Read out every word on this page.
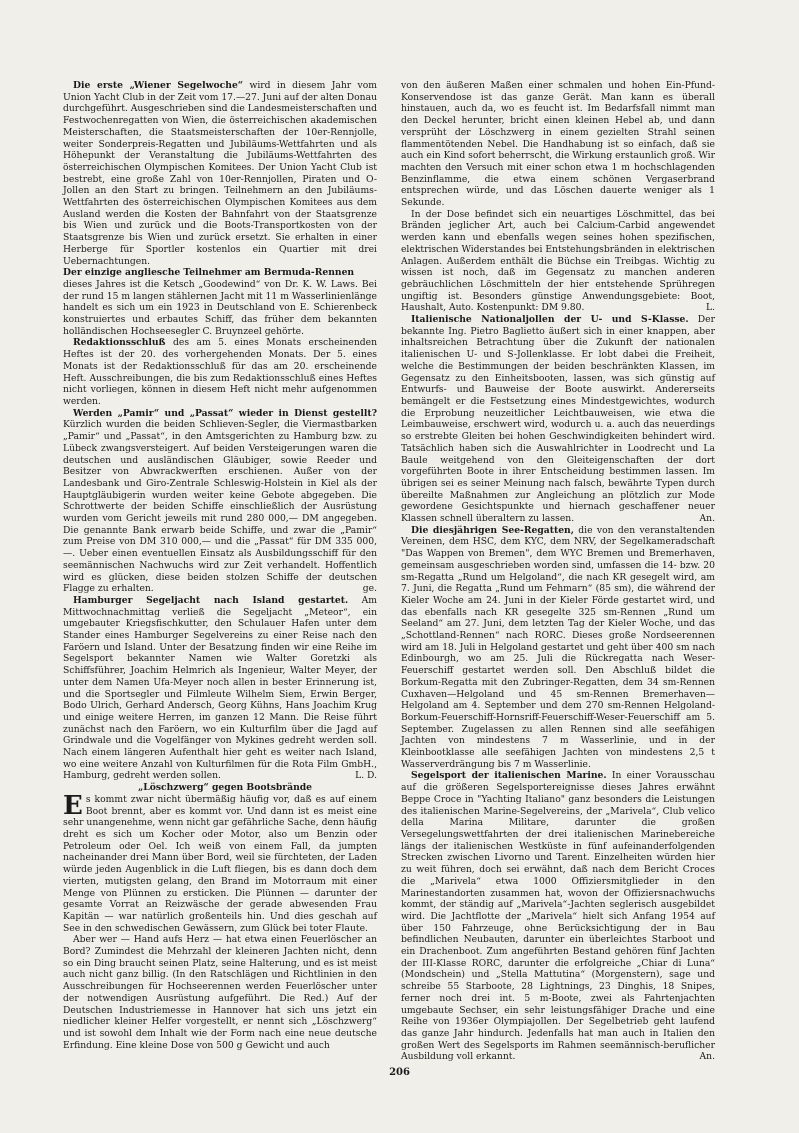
Die erste „Wiener Segelwoche“ wird in diesem Jahr vom Union Yacht Club in der Zeit vom 17.—27. Juni auf der alten Donau durchgeführt. Ausgeschrieben sind die Landesmeisterschaften und Festwochenregatten von Wien, die österreichischen akademischen Meisterschaften, die Staatsmeisterschaften der 10er-Rennjolle, weiter Sonderpreis-Regatten und Jubiläums-Wettfahrten und als Höhepunkt der Veranstaltung die Jubiläums-Wettfahrten des österreichischen Olympischen Komitees. Der Union Yacht Club ist bestrebt, eine große Zahl von 10er-Rennjollen, Piraten und O-Jollen an den Start zu bringen. Teilnehmern an den Jubiläums-Wettfahrten des österreichischen Olympischen Komitees aus dem Ausland werden die Kosten der Bahnfahrt von der Staatsgrenze bis Wien und zurück und die Boots-Transportkosten von der Staatsgrenze bis Wien und zurück ersetzt. Sie erhalten in einer Herberge für Sportler kostenlos ein Quartier mit drei Uebernachtungen.

Der einzige angliesche Teilnehmer am Bermuda-Rennen

dieses Jahres ist die Ketsch „Goodewind“ von Dr. K. W. Laws. Bei der rund 15 m langen stählernen Jacht mit 11 m Wasserlinienlänge handelt es sich um ein 1923 in Deutschland von E. Schierenbeck konstruiertes und erbautes Schiff, das früher dem bekannten holländischen Hochseesegler C. Bruynzeel gehörte.

Redaktionsschluß des am 5. eines Monats erscheinenden Heftes ist der 20. des vorhergehenden Monats. Der 5. eines Monats ist der Redaktionsschluß für das am 20. erscheinende Heft. Ausschreibungen, die bis zum Redaktionsschluß eines Heftes nicht vorliegen, können in diesem Heft nicht mehr aufgenommen werden.

Werden „Pamir“ und „Passat“ wieder in Dienst gestellt? Kürzlich wurden die beiden Schlieven-Segler, die Viermastbarken „Pamir“ und „Passat“, in den Amtsgerichten zu Hamburg bzw. zu Lübeck zwangsversteigert. Auf beiden Versteigerungen waren die deutschen und ausländischen Gläubiger, sowie Reeder und Besitzer von Abwrackwerften erschienen. Außer von der Landesbank und Giro-Zentrale Schleswig-Holstein in Kiel als der Hauptgläubigerin wurden weiter keine Gebote abgegeben. Die Schrottwerte der beiden Schiffe einschließlich der Ausrüstung wurden vom Gericht jeweils mit rund 280 000,— DM angegeben. Die genannte Bank erwarb beide Schiffe, und zwar die „Pamir“ zum Preise von DM 310 000,— und die „Passat“ für DM 335 000,—. Ueber einen eventuellen Einsatz als Ausbildungsschiff für den seemännischen Nachwuchs wird zur Zeit verhandelt. Hoffentlich wird es glücken, diese beiden stolzen Schiffe der deutschen Flagge zu erhalten.	ge.

Hamburger Segeljacht nach Island gestartet. Am Mittwochnachmittag verließ die Segeljacht „Meteor“, ein umgebauter Kriegsfischkutter, den Schulauer Hafen unter dem Stander eines Hamburger Segelvereins zu einer Reise nach den Faröern und Island. Unter der Besatzung finden wir eine Reihe im Segelsport bekannter Namen wie Walter Goretzki als Schiffsführer, Joachim Helmrich als Ingenieur, Walter Meyer, der unter dem Namen Ufa-Meyer noch allen in bester Erinnerung ist, und die Sportsegler und Filmleute Wilhelm Siem, Erwin Berger, Bodo Ulrich, Gerhard Andersch, Georg Kühns, Hans Joachim Krug und einige weitere Herren, im ganzen 12 Mann. Die Reise führt zunächst nach den Faröern, wo ein Kulturfilm über die Jagd auf Grindwale und die Vogelfänger von Mykines gedreht werden soll. Nach einem längeren Aufenthalt hier geht es weiter nach Island, wo eine weitere Anzahl von Kulturfilmen für die Rota Film GmbH., Hamburg, gedreht werden sollen.	L. D.

„Löschzwerg“ gegen Bootsbrände

Es kommt zwar nicht übermäßig häufig vor, daß es auf einem Boot brennt, aber es kommt vor. Und dann ist es meist eine sehr unangenehme, wenn nicht gar gefährliche Sache, denn häufig dreht es sich um Kocher oder Motor, also um Benzin oder Petroleum oder Oel. Ich weiß von einem Fall, da jumpten nacheinander drei Mann über Bord, weil sie fürchteten, der Laden würde jeden Augenblick in die Luft fliegen, bis es dann doch dem vierten, mutigsten gelang, den Brand im Motorraum mit einer Menge von Plünnen zu ersticken. Die Plünnen — darunter der gesamte Vorrat an Reizwäsche der gerade abwesenden Frau Kapitän — war natürlich großenteils hin. Und dies geschah auf See in den schwedischen Gewässern, zum Glück bei toter Flaute.

Aber wer — Hand aufs Herz — hat etwa einen Feuerlöscher an Bord? Zumindest die Mehrzahl der kleineren Jachten nicht, denn so ein Ding braucht seinen Platz, seine Halterung, und es ist meist auch nicht ganz billig. (In den Ratschlägen und Richtlinien in den Ausschreibungen für Hochseerennen werden Feuerlöscher unter der notwendigen Ausrüstung aufgeführt. Die Red.) Auf der Deutschen Industriemesse in Hannover hat sich uns jetzt ein niedlicher kleiner Helfer vorgestellt, er nennt sich „Löschzwerg“ und ist sowohl dem Inhalt wie der Form nach eine neue deutsche Erfindung. Eine kleine Dose von 500 g Gewicht und auch

von den äußeren Maßen einer schmalen und hohen Ein-Pfund-Konservendose ist das ganze Gerät. Man kann es überall hinstauen, auch da, wo es feucht ist. Im Bedarfsfall nimmt man den Deckel herunter, bricht einen kleinen Hebel ab, und dann versprüht der Löschzwerg in einem gezielten Strahl seinen flammentötenden Nebel. Die Handhabung ist so einfach, daß sie auch ein Kind sofort beherrscht, die Wirkung erstaunlich groß. Wir machten den Versuch mit einer schon etwa 1 m hochschlagenden Benzinflamme, die etwa einem schönen Vergaserbrand entsprechen würde, und das Löschen dauerte weniger als 1 Sekunde.

In der Dose befindet sich ein neuartiges Löschmittel, das bei Bränden jeglicher Art, auch bei Calcium-Carbid angewendet werden kann und ebenfalls wegen seines hohen spezifischen, elektrischen Widerstandes bei Entstehungsbränden in elektrischen Anlagen. Außerdem enthält die Büchse ein Treibgas. Wichtig zu wissen ist noch, daß im Gegensatz zu manchen anderen gebräuchlichen Löschmitteln der hier entstehende Sprühregen ungiftig ist. Besonders günstige Anwendungsgebiete: Boot, Haushalt, Auto. Kostenpunkt: DM 9.80.	L.

Italienische Nationaljollen der U- und S-Klasse. Der bekannte Ing. Pietro Baglietto äußert sich in einer knappen, aber inhaltsreichen Betrachtung über die Zukunft der nationalen italienischen U- und S-Jollenklasse. Er lobt dabei die Freiheit, welche die Bestimmungen der beiden beschränkten Klassen, im Gegensatz zu den Einheitsbooten, lassen, was sich günstig auf Entwurfs- und Bauweise der Boote auswirkt. Andererseits bemängelt er die Festsetzung eines Mindestgewichtes, wodurch die Erprobung neuzeitlicher Leichtbauweisen, wie etwa die Leimbauweise, erschwert wird, wodurch u. a. auch das neuerdings so erstrebte Gleiten bei hohen Geschwindigkeiten behindert wird. Tatsächlich haben sich die Auswahlrichter in Loodrecht und La Baule weitgehend von den Gleiteigenschaften der dort vorgeführten Boote in ihrer Entscheidung bestimmen lassen. Im übrigen sei es seiner Meinung nach falsch, bewährte Typen durch übereilte Maßnahmen zur Angleichung an plötzlich zur Mode gewordene Gesichtspunkte und hiernach geschaffener neuer Klassen schnell überaltern zu lassen.	An.

Die diesjährigen See-Regatten, die von den veranstaltenden Vereinen, dem HSC, dem KYC, dem NRV, der Segelkameradschaft "Das Wappen von Bremen", dem WYC Bremen und Bremerhaven, gemeinsam ausgeschrieben worden sind, umfassen die 14- bzw. 20 sm-Regatta „Rund um Helgoland“, die nach KR gesegelt wird, am 7. Juni, die Regatta „Rund um Fehmarn“ (85 sm), die während der Kieler Woche am 24. Juni in der Kieler Förde gestartet wird, und das ebenfalls nach KR gesegelte 325 sm-Rennen „Rund um Seeland“ am 27. Juni, dem letzten Tag der Kieler Woche, und das „Schottland-Rennen“ nach RORC. Dieses große Nordseerennen wird am 18. Juli in Helgoland gestartet und geht über 400 sm nach Edinbourgh, wo am 25. Juli die Rückregatta nach Weser-Feuerschiff gestartet werden soll. Den Abschluß bildet die Borkum-Regatta mit den Zubringer-Regatten, dem 34 sm-Rennen Cuxhaven—Helgoland und 45 sm-Rennen Bremerhaven—Helgoland am 4. September und dem 270 sm-Rennen Helgoland-Borkum-Feuerschiff-Hornsriff-Feuerschiff-Weser-Feuerschiff am 5. September. Zugelassen zu allen Rennen sind alle seefähigen Jachten von mindestens 7 m Wasserlinie, und in der Kleinbootklasse alle seefähigen Jachten von mindestens 2,5 t Wasserverdrängung bis 7 m Wasserlinie.

Segelsport der italienischen Marine. In einer Vorausschau auf die größeren Segelsportereignisse dieses Jahres erwähnt Beppe Croce in "Yachting Italiano" ganz besonders die Leistungen des italienischen Marine-Segelvereins, der „Marivela“, Club velico della Marina Militare, darunter die großen Versegelungswettfahrten der drei italienischen Marinebereiche längs der italienischen Westküste in fünf aufeinanderfolgenden Strecken zwischen Livorno und Tarent. Einzelheiten würden hier zu weit führen, doch sei erwähnt, daß nach dem Bericht Croces die „Marivela“ etwa 1000 Offiziersmitglieder in den Marinestandorten zusammen hat, wovon der Offiziersnachwuchs kommt, der ständig auf „Marivela“-Jachten seglerisch ausgebildet wird. Die Jachtflotte der „Marivela“ hielt sich Anfang 1954 auf über 150 Fahrzeuge, ohne Berücksichtigung der in Bau befindlichen Neubauten, darunter ein überleichtes Starboot und ein Drachenboot. Zum angeführten Bestand gehören fünf Jachten der III-Klasse RORC, darunter die erfolgreiche „Chiar di Luna“ (Mondschein) und „Stella Mattutina“ (Morgenstern), sage und schreibe 55 Starboote, 28 Lightnings, 23 Dinghis, 18 Snipes, ferner noch drei int. 5 m-Boote, zwei als Fahrtenjachten umgebaute Sechser, ein sehr leistungsfähiger Drache und eine Reihe von 1936er Olympiajollen. Der Segelbetrieb geht laufend das ganze Jahr hindurch. Jedenfalls hat man auch in Italien den großen Wert des Segelsports im Rahmen seemännisch-beruflicher Ausbildung voll erkannt.	An.

206
